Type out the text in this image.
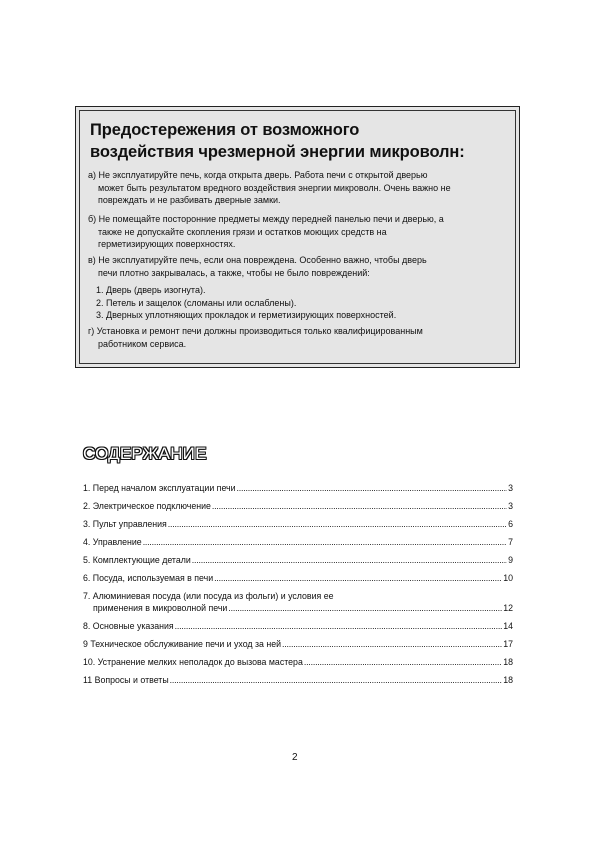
Предостережения от возможного
воздействия чрезмерной энергии микроволн:

а) Не эксплуатируйте печь, когда открыта дверь. Работа печи с открытой дверью
может быть результатом вредного воздействия энергии микроволн. Очень важно не
повреждать и не разбивать дверные замки.

б) Не помещайте посторонние предметы между передней панелью печи и дверью, а
также не допускайте скопления грязи и остатков моющих средств на
герметизирующих поверхностях.

в) Не эксплуатируйте печь, если она повреждена. Особенно важно, чтобы дверь
печи плотно закрывалась, а также, чтобы не было повреждений:

1. Дверь (дверь изогнута).
2. Петель и защелок (сломаны или ослаблены).
3. Дверных уплотняющих прокладок и герметизирующих поверхностей.

г) Установка и ремонт печи должны производиться только квалифицированным
работником сервиса.

СОДЕРЖАНИЕ
1. Перед началом эксплуатации печи .....	3
2. Электрическое подключение .....	3
3. Пульт управления .....	6
4. Управление .....	7
5. Комплектующие детали .....	9
6. Посуда, используемая в печи .....	10
7. Алюминиевая посуда (или посуда из фольги) и условия ее
применения в микроволной печи .....	12
8. Основные указания .....	14
9 Техническое обслуживание печи и уход за ней .....	17
10. Устранение мелких неполадок до вызова мастера .....	18
11 Вопросы и ответы .....	18
2
